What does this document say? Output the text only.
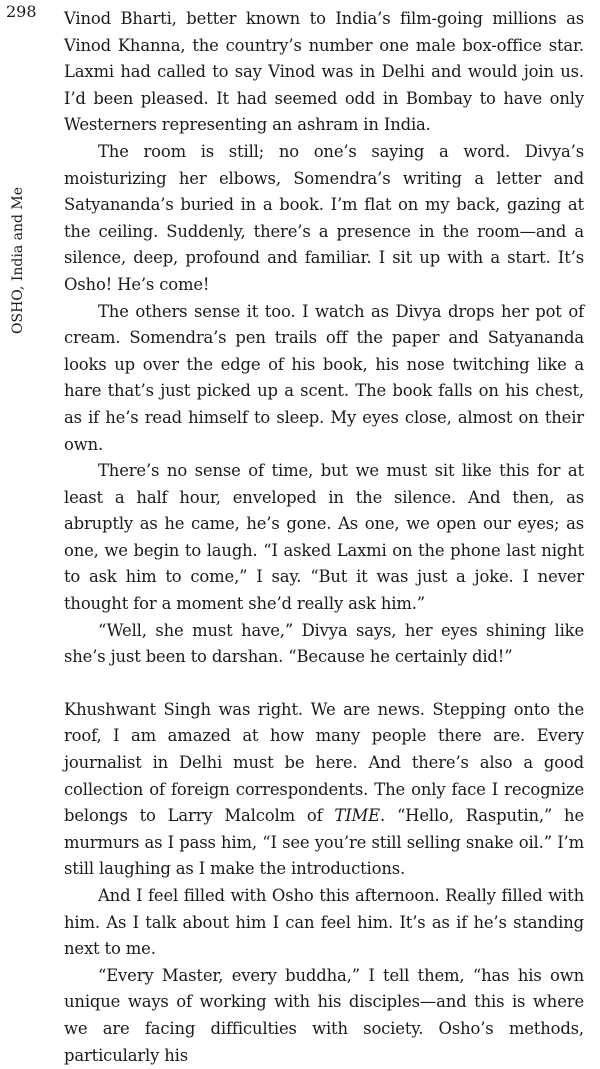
298
OSHO, India and Me

Vinod Bharti, better known to India’s film-going millions as Vinod Khanna, the country’s number one male box-office star. Laxmi had called to say Vinod was in Delhi and would join us. I’d been pleased. It had seemed odd in Bombay to have only Westerners representing an ashram in India.

The room is still; no one’s saying a word. Divya’s moisturizing her elbows, Somendra’s writing a letter and Satyananda’s buried in a book. I’m flat on my back, gazing at the ceiling. Suddenly, there’s a presence in the room—and a silence, deep, profound and familiar. I sit up with a start. It’s Osho! He’s come!

The others sense it too. I watch as Divya drops her pot of cream. Somendra’s pen trails off the paper and Satyananda looks up over the edge of his book, his nose twitching like a hare that’s just picked up a scent. The book falls on his chest, as if he’s read himself to sleep. My eyes close, almost on their own.

There’s no sense of time, but we must sit like this for at least a half hour, enveloped in the silence. And then, as abruptly as he came, he’s gone. As one, we open our eyes; as one, we begin to laugh. “I asked Laxmi on the phone last night to ask him to come,” I say. “But it was just a joke. I never thought for a moment she’d really ask him.”

“Well, she must have,” Divya says, her eyes shining like she’s just been to darshan. “Because he certainly did!”

Khushwant Singh was right. We are news. Stepping onto the roof, I am amazed at how many people there are. Every journalist in Delhi must be here. And there’s also a good collection of foreign correspondents. The only face I recognize belongs to Larry Malcolm of TIME. “Hello, Rasputin,” he murmurs as I pass him, “I see you’re still selling snake oil.” I’m still laughing as I make the introductions.

And I feel filled with Osho this afternoon. Really filled with him. As I talk about him I can feel him. It’s as if he’s standing next to me.

“Every Master, every buddha,” I tell them, “has his own unique ways of working with his disciples—and this is where we are facing difficulties with society. Osho’s methods, particularly his
